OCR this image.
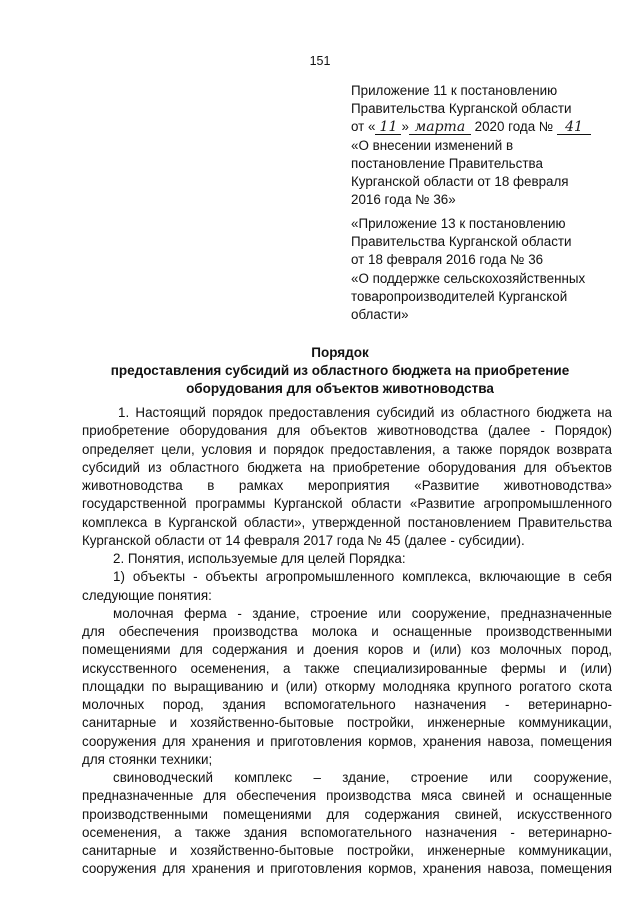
151
Приложение 11 к постановлению
Правительства Курганской области
от « 11 » марта 2020 года № 41
«О внесении изменений в
постановление Правительства
Курганской области от 18 февраля
2016 года № 36»
«Приложение 13 к постановлению
Правительства Курганской области
от 18 февраля 2016 года № 36
«О поддержке сельскохозяйственных
товаропроизводителей Курганской
области»
Порядок
предоставления субсидий из областного бюджета на приобретение
оборудования для объектов животноводства

1. Настоящий порядок предоставления субсидий из областного бюджета на

приобретение оборудования для объектов животноводства (далее - Порядок)

определяет цели, условия и порядок предоставления, а также порядок возврата

субсидий из областного бюджета на приобретение оборудования для объектов

животноводства в рамках мероприятия «Развитие животноводства»

государственной программы Курганской области «Развитие агропромышленного

комплекса в Курганской области», утвержденной постановлением Правительства

Курганской области от 14 февраля 2017 года № 45 (далее - субсидии).

2. Понятия, используемые для целей Порядка:

1) объекты - объекты агропромышленного комплекса, включающие в себя

следующие понятия:

молочная ферма - здание, строение или сооружение, предназначенные

для обеспечения производства молока и оснащенные производственными

помещениями для содержания и доения коров и (или) коз молочных пород,

искусственного осеменения, а также специализированные фермы и (или)

площадки по выращиванию и (или) откорму молодняка крупного рогатого скота

молочных пород, здания вспомогательного назначения - ветеринарно-

санитарные и хозяйственно-бытовые постройки, инженерные коммуникации,

сооружения для хранения и приготовления кормов, хранения навоза, помещения

для стоянки техники;

свиноводческий комплекс – здание, строение или сооружение,

предназначенные для обеспечения производства мяса свиней и оснащенные

производственными помещениями для содержания свиней, искусственного

осеменения, а также здания вспомогательного назначения - ветеринарно-

санитарные и хозяйственно-бытовые постройки, инженерные коммуникации,

сооружения для хранения и приготовления кормов, хранения навоза, помещения
